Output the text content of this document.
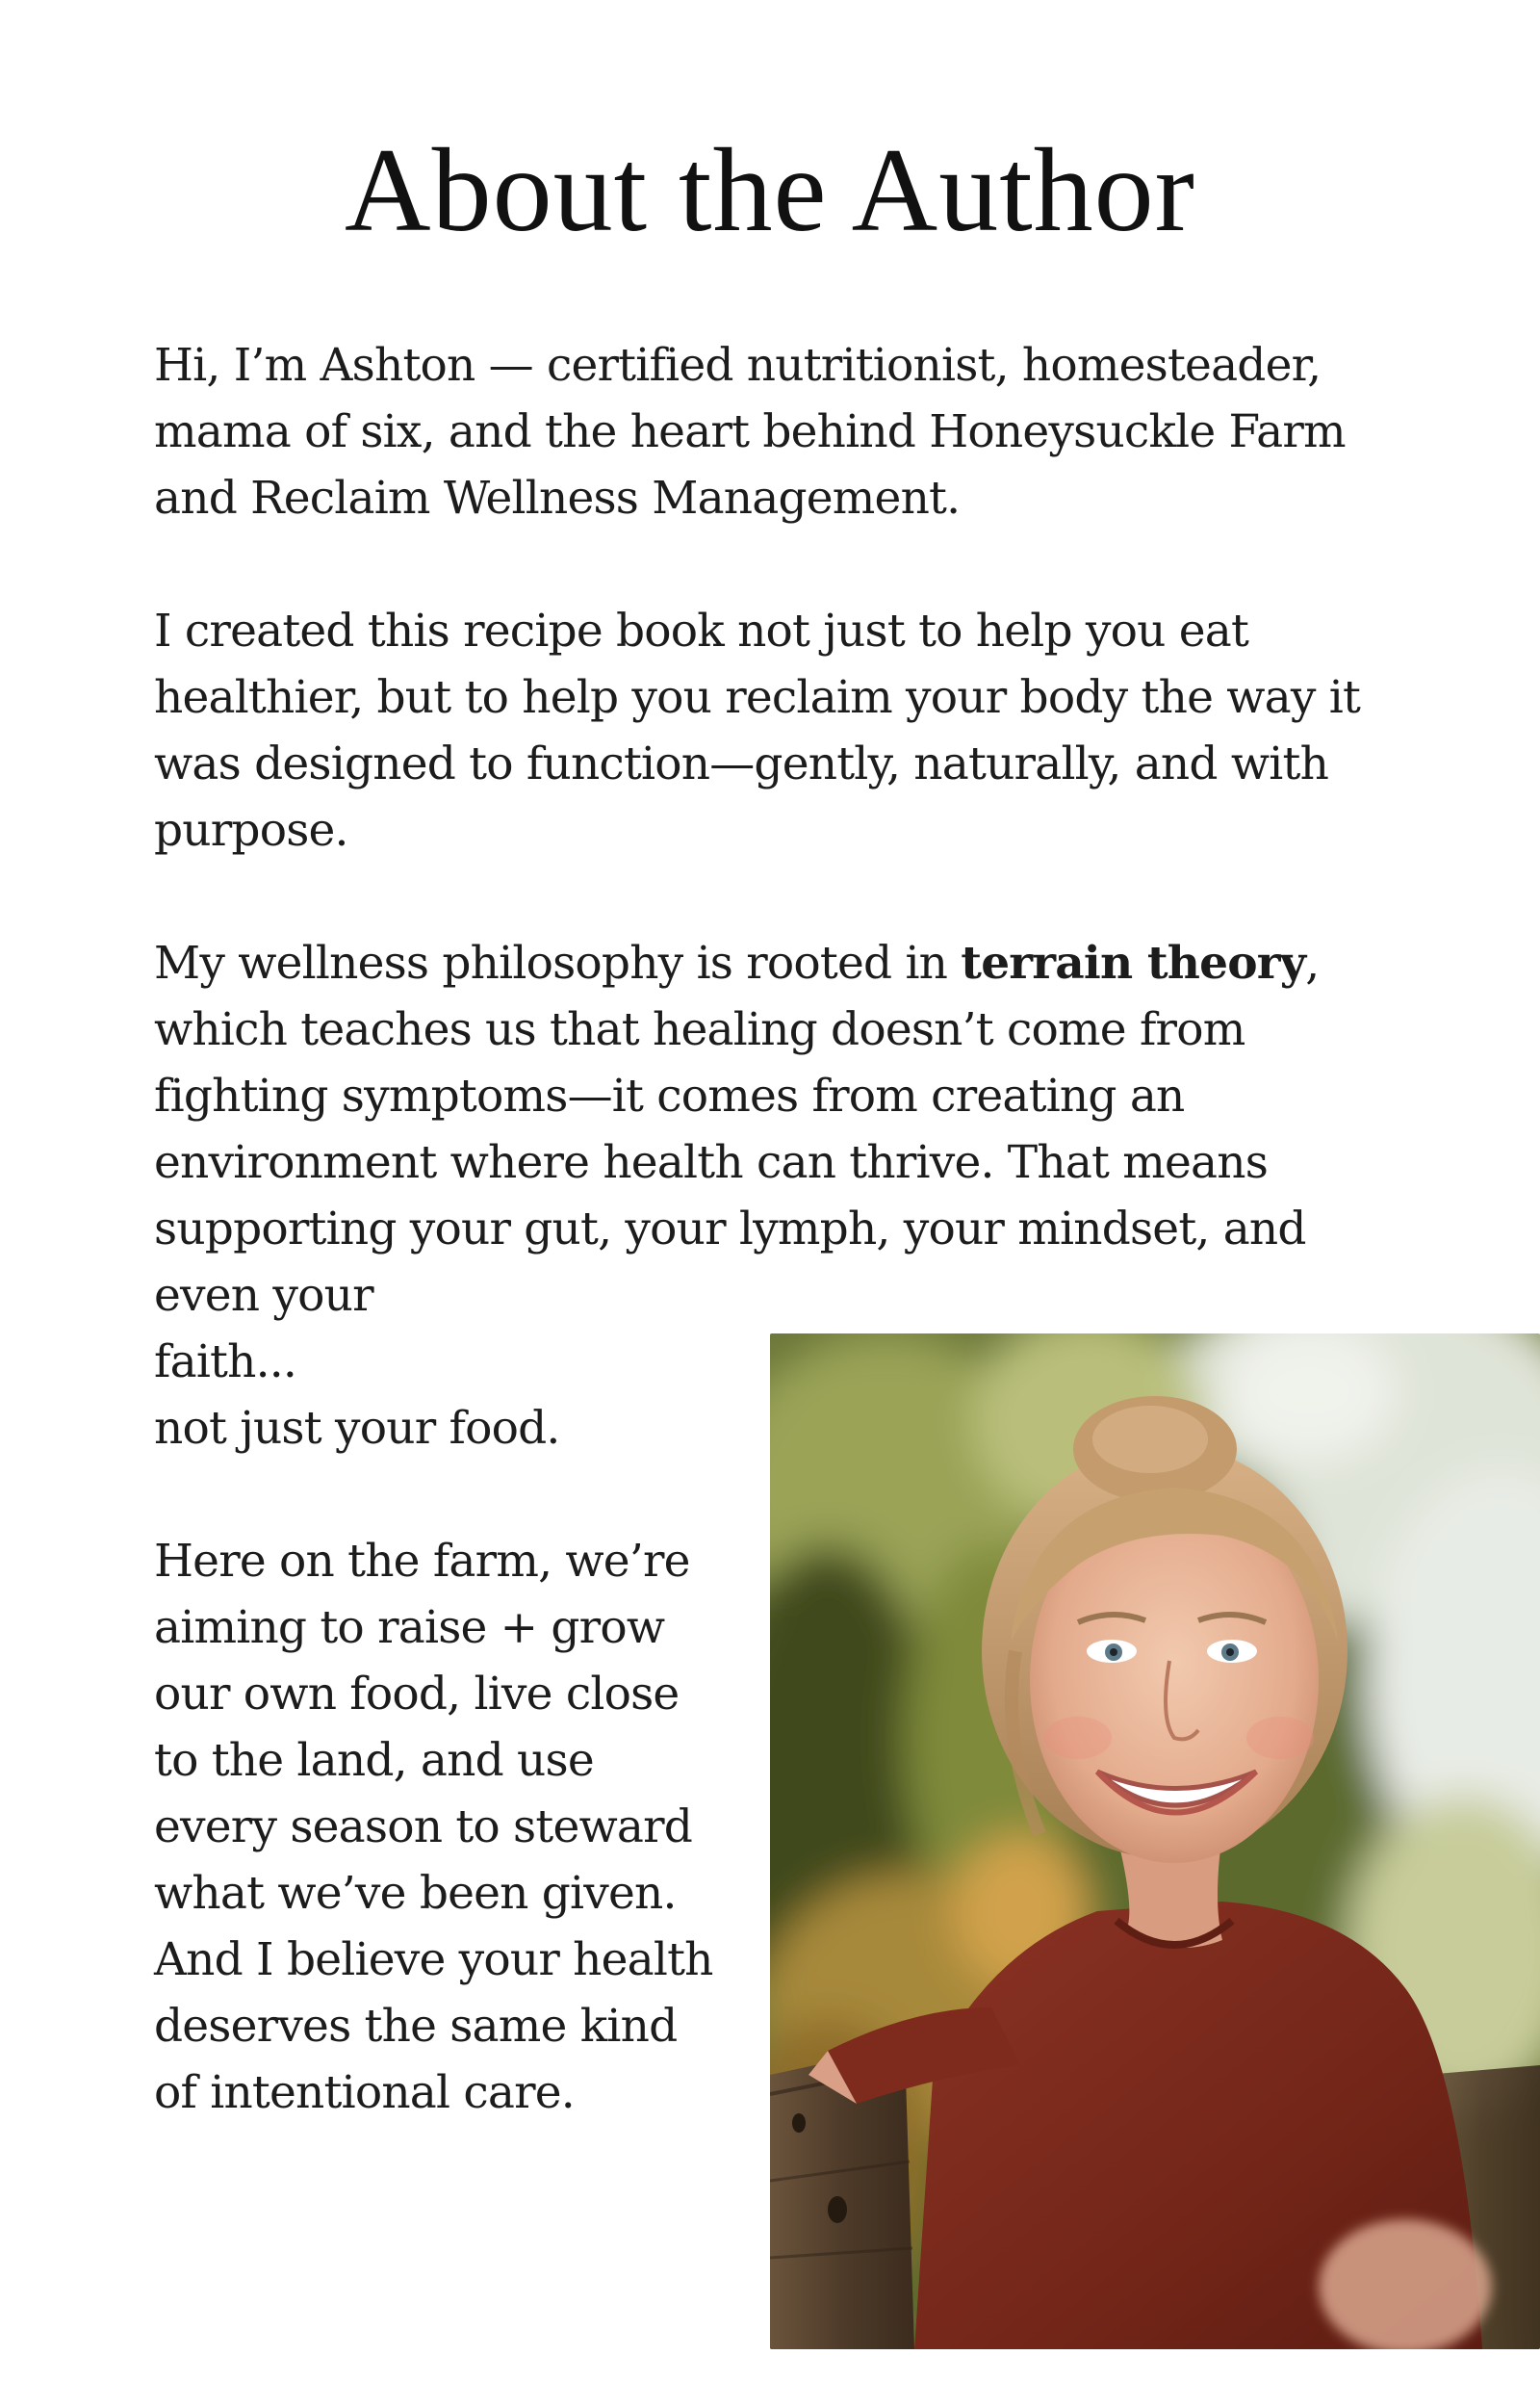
About the Author

Hi, I’m Ashton — certified nutritionist, homesteader,
mama of six, and the heart behind Honeysuckle Farm
and Reclaim Wellness Management.

I created this recipe book not just to help you eat
healthier, but to help you reclaim your body the way it
was designed to function—gently, naturally, and with
purpose.

My wellness philosophy is rooted in terrain theory,
which teaches us that healing doesn’t come from
fighting symptoms—it comes from creating an
environment where health can thrive. That means
supporting your gut, your lymph, your mindset, and
even your
faith...
not just your food.

Here on the farm, we’re
aiming to raise + grow
our own food, live close
to the land, and use
every season to steward
what we’ve been given.
And I believe your health
deserves the same kind
of intentional care.
